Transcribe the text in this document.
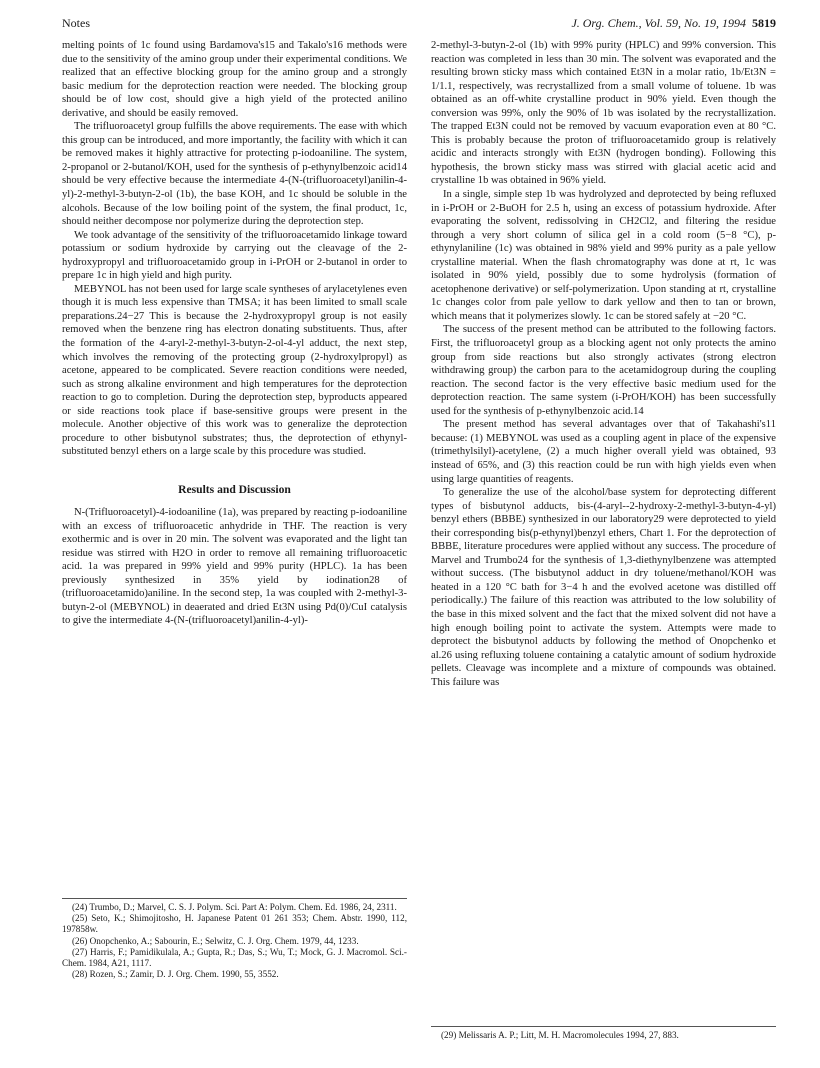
Notes	J. Org. Chem., Vol. 59, No. 19, 1994 5819

melting points of 1c found using Bardamova's15 and Takalo's16 methods were due to the sensitivity of the amino group under their experimental conditions. We realized that an effective blocking group for the amino group and a strongly basic medium for the deprotection reaction were needed. The blocking group should be of low cost, should give a high yield of the protected anilino derivative, and should be easily removed.

The trifluoroacetyl group fulfills the above requirements. The ease with which this group can be introduced, and more importantly, the facility with which it can be removed makes it highly attractive for protecting p-iodoaniline. The system, 2-propanol or 2-butanol/KOH, used for the synthesis of p-ethynylbenzoic acid14 should be very effective because the intermediate 4-(N-(trifluoroacetyl)anilin-4-yl)-2-methyl-3-butyn-2-ol (1b), the base KOH, and 1c should be soluble in the alcohols. Because of the low boiling point of the system, the final product, 1c, should neither decompose nor polymerize during the deprotection step.

We took advantage of the sensitivity of the trifluoroacetamido linkage toward potassium or sodium hydroxide by carrying out the cleavage of the 2-hydroxypropyl and trifluoroacetamido group in i-PrOH or 2-butanol in order to prepare 1c in high yield and high purity.

MEBYNOL has not been used for large scale syntheses of arylacetylenes even though it is much less expensive than TMSA; it has been limited to small scale preparations.24−27 This is because the 2-hydroxypropyl group is not easily removed when the benzene ring has electron donating substituents. Thus, after the formation of the 4-aryl-2-methyl-3-butyn-2-ol-4-yl adduct, the next step, which involves the removing of the protecting group (2-hydroxylpropyl) as acetone, appeared to be complicated. Severe reaction conditions were needed, such as strong alkaline environment and high temperatures for the deprotection reaction to go to completion. During the deprotection step, byproducts appeared or side reactions took place if base-sensitive groups were present in the molecule. Another objective of this work was to generalize the deprotection procedure to other bisbutynol substrates; thus, the deprotection of ethynyl-substituted benzyl ethers on a large scale by this procedure was studied.

Results and Discussion

N-(Trifluoroacetyl)-4-iodoaniline (1a), was prepared by reacting p-iodoaniline with an excess of trifluoroacetic anhydride in THF. The reaction is very exothermic and is over in 20 min. The solvent was evaporated and the light tan residue was stirred with H2O in order to remove all remaining trifluoroacetic acid. 1a was prepared in 99% yield and 99% purity (HPLC). 1a has been previously synthesized in 35% yield by iodination28 of (trifluoroacetamido)aniline. In the second step, 1a was coupled with 2-methyl-3-butyn-2-ol (MEBYNOL) in deaerated and dried Et3N using Pd(0)/CuI catalysis to give the intermediate 4-(N-(trifluoroacetyl)anilin-4-yl)-

(24) Trumbo, D.; Marvel, C. S. J. Polym. Sci. Part A: Polym. Chem. Ed. 1986, 24, 2311.
(25) Seto, K.; Shimojitosho, H. Japanese Patent 01 261 353; Chem. Abstr. 1990, 112, 197858w.
(26) Onopchenko, A.; Sabourin, E.; Selwitz, C. J. Org. Chem. 1979, 44, 1233.
(27) Harris, F.; Pamidikulala, A.; Gupta, R.; Das, S.; Wu, T.; Mock, G. J. Macromol. Sci.-Chem. 1984, A21, 1117.
(28) Rozen, S.; Zamir, D. J. Org. Chem. 1990, 55, 3552.

2-methyl-3-butyn-2-ol (1b) with 99% purity (HPLC) and 99% conversion. This reaction was completed in less than 30 min. The solvent was evaporated and the resulting brown sticky mass which contained Et3N in a molar ratio, 1b/Et3N = 1/1.1, respectively, was recrystallized from a small volume of toluene. 1b was obtained as an off-white crystalline product in 90% yield. Even though the conversion was 99%, only the 90% of 1b was isolated by the recrystallization. The trapped Et3N could not be removed by vacuum evaporation even at 80 °C. This is probably because the proton of trifluoroacetamido group is relatively acidic and interacts strongly with Et3N (hydrogen bonding). Following this hypothesis, the brown sticky mass was stirred with glacial acetic acid and crystalline 1b was obtained in 96% yield.

In a single, simple step 1b was hydrolyzed and deprotected by being refluxed in i-PrOH or 2-BuOH for 2.5 h, using an excess of potassium hydroxide. After evaporating the solvent, redissolving in CH2Cl2, and filtering the residue through a very short column of silica gel in a cold room (5−8 °C), p-ethynylaniline (1c) was obtained in 98% yield and 99% purity as a pale yellow crystalline material. When the flash chromatography was done at rt, 1c was isolated in 90% yield, possibly due to some hydrolysis (formation of acetophenone derivative) or self-polymerization. Upon standing at rt, crystalline 1c changes color from pale yellow to dark yellow and then to tan or brown, which means that it polymerizes slowly. 1c can be stored safely at −20 °C.

The success of the present method can be attributed to the following factors. First, the trifluoroacetyl group as a blocking agent not only protects the amino group from side reactions but also strongly activates (strong electron withdrawing group) the carbon para to the acetamidogroup during the coupling reaction. The second factor is the very effective basic medium used for the deprotection reaction. The same system (i-PrOH/KOH) has been successfully used for the synthesis of p-ethynylbenzoic acid.14

The present method has several advantages over that of Takahashi's11 because: (1) MEBYNOL was used as a coupling agent in place of the expensive (trimethylsilyl)-acetylene, (2) a much higher overall yield was obtained, 93 instead of 65%, and (3) this reaction could be run with high yields even when using large quantities of reagents.

To generalize the use of the alcohol/base system for deprotecting different types of bisbutynol adducts, bis-(4-aryl--2-hydroxy-2-methyl-3-butyn-4-yl) benzyl ethers (BBBE) synthesized in our laboratory29 were deprotected to yield their corresponding bis(p-ethynyl)benzyl ethers, Chart 1. For the deprotection of BBBE, literature procedures were applied without any success. The procedure of Marvel and Trumbo24 for the synthesis of 1,3-diethynylbenzene was attempted without success. (The bisbutynol adduct in dry toluene/methanol/KOH was heated in a 120 °C bath for 3−4 h and the evolved acetone was distilled off periodically.) The failure of this reaction was attributed to the low solubility of the base in this mixed solvent and the fact that the mixed solvent did not have a high enough boiling point to activate the system. Attempts were made to deprotect the bisbutynol adducts by following the method of Onopchenko et al.26 using refluxing toluene containing a catalytic amount of sodium hydroxide pellets. Cleavage was incomplete and a mixture of compounds was obtained. This failure was

(29) Melissaris A. P.; Litt, M. H. Macromolecules 1994, 27, 883.
